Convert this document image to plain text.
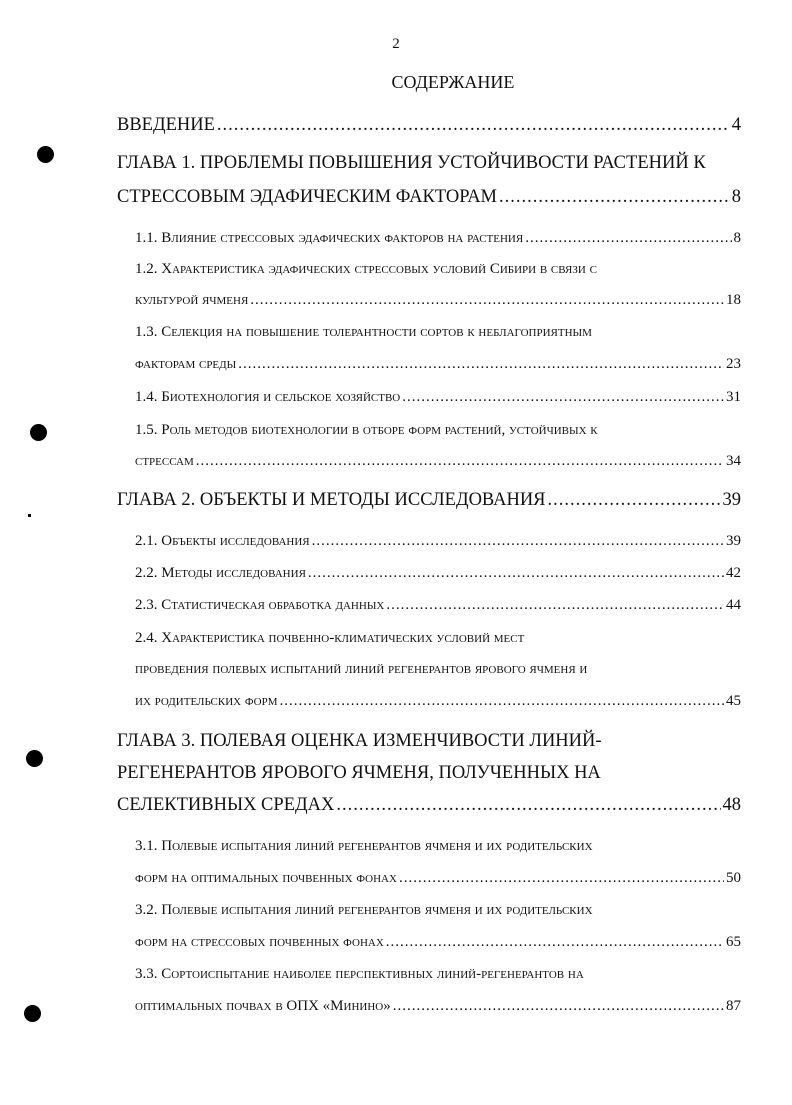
2
СОДЕРЖАНИЕ
ВВЕДЕНИЕ .....	4
ГЛАВА 1. ПРОБЛЕМЫ ПОВЫШЕНИЯ УСТОЙЧИВОСТИ РАСТЕНИЙ К
СТРЕССОВЫМ ЭДАФИЧЕСКИМ ФАКТОРАМ .....	8
1.1. Влияние стрессовых эдафических факторов на растения .....	8
1.2. Характеристика эдафических стрессовых условий Сибири в связи с
культурой ячменя .....	18
1.3. Селекция на повышение толерантности сортов к неблагоприятным
факторам среды .....	23
1.4. Биотехнология и сельское хозяйство .....	31
1.5. Роль методов биотехнологии в отборе форм растений, устойчивых к
стрессам .....	34
ГЛАВА 2. ОБЪЕКТЫ И МЕТОДЫ ИССЛЕДОВАНИЯ .....	39
2.1. Объекты исследования .....	39
2.2. Методы исследования .....	42
2.3. Статистическая обработка данных .....	44
2.4. Характеристика почвенно-климатических условий мест
проведения полевых испытаний линий регенерантов ярового ячменя и
их родительских форм .....	45
ГЛАВА 3. ПОЛЕВАЯ ОЦЕНКА ИЗМЕНЧИВОСТИ ЛИНИЙ-
РЕГЕНЕРАНТОВ ЯРОВОГО ЯЧМЕНЯ, ПОЛУЧЕННЫХ НА
СЕЛЕКТИВНЫХ СРЕДАХ .....	48
3.1. Полевые испытания линий регенерантов ячменя и их родительских
форм на оптимальных почвенных фонах .....	50
3.2. Полевые испытания линий регенерантов ячменя и их родительских
форм на стрессовых почвенных фонах .....	65
3.3. Сортоиспытание наиболее перспективных линий-регенерантов на
оптимальных почвах в ОПХ «Минино» .....	87
